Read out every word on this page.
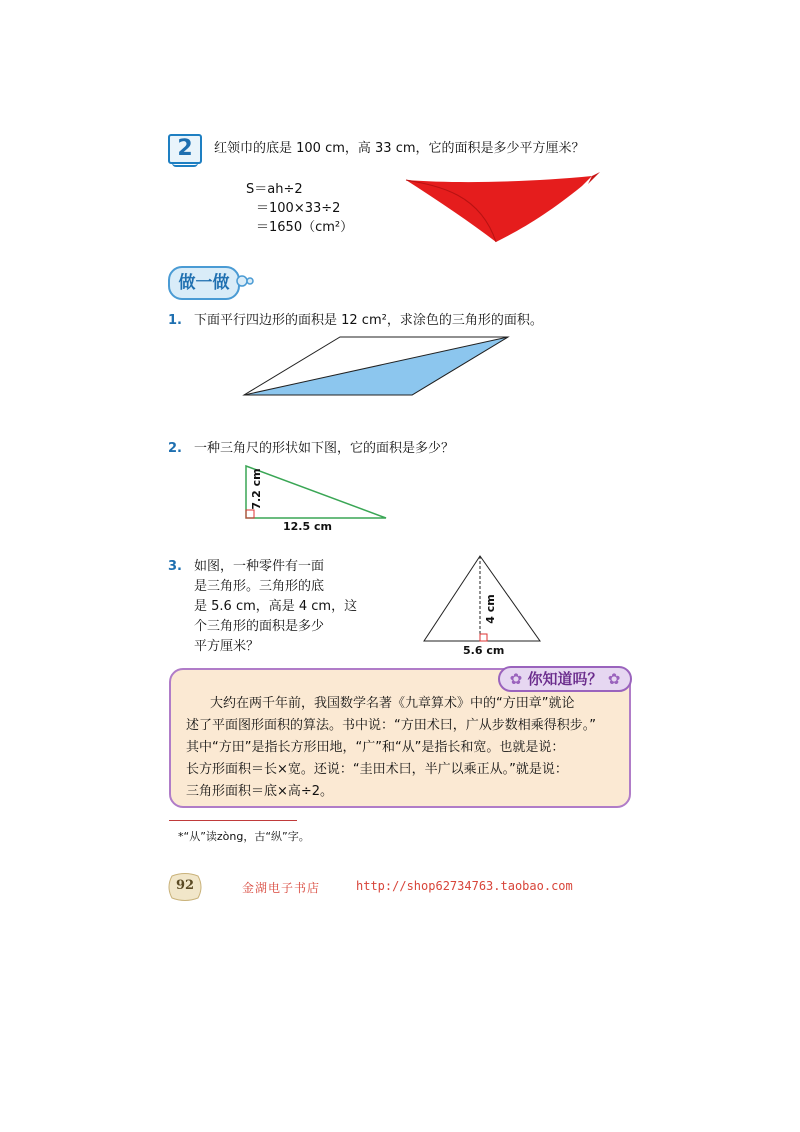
2	红领巾的底是 100 cm，高 33 cm，它的面积是多少平方厘米？
S＝ah÷2
＝100×33÷2
＝1650（cm²）
做一做
1. 下面平行四边形的面积是 12 cm²，求涂色的三角形的面积。
2. 一种三角尺的形状如下图，它的面积是多少？
7.2 cm
12.5 cm
3. 如图，一种零件有一面
是三角形。三角形的底
是 5.6 cm，高是 4 cm，这
个三角形的面积是多少
平方厘米？
4 cm
5.6 cm
✿ 你知道吗？ ✿
大约在两千年前，我国数学名著《九章算术》中的“方田章”就论
述了平面图形面积的算法。书中说：“方田术曰，广从步数相乘得积步。”
其中“方田”是指长方形田地，“广”和“从”是指长和宽。也就是说：
长方形面积＝长×宽。还说：“圭田术曰，半广以乘正从。”就是说：
三角形面积＝底×高÷2。
*“从”读zòng，古“纵”字。
92	金湖电子书店	http://shop62734763.taobao.com
